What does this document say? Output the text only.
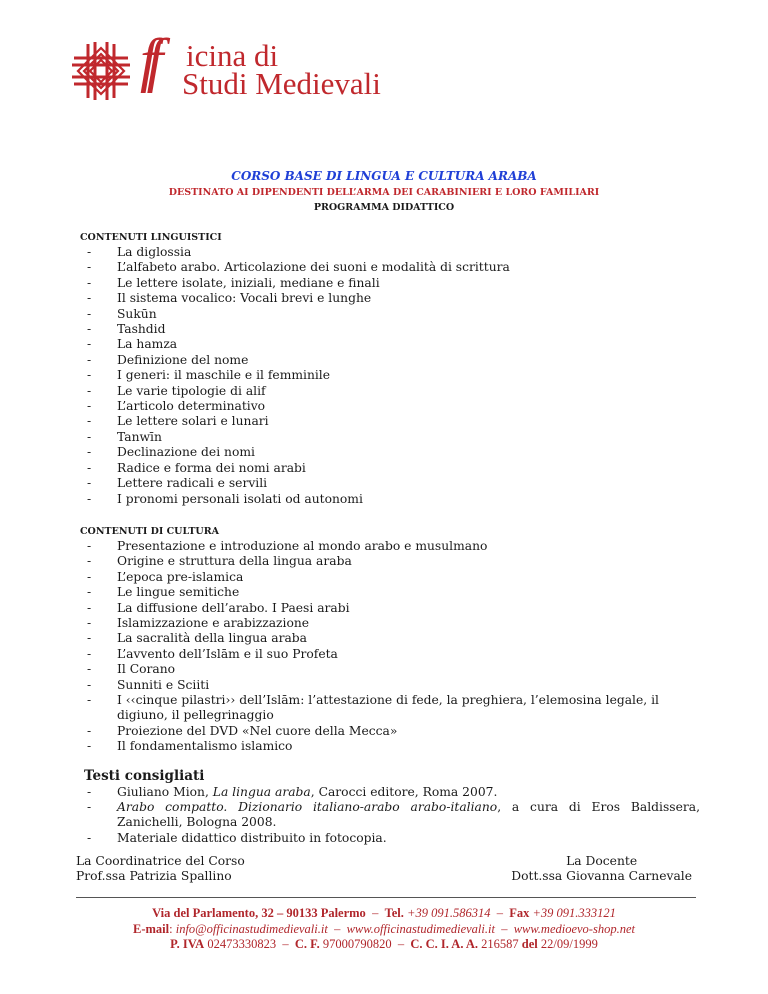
ff icina di
Studi Medievali
CORSO BASE DI LINGUA E CULTURA ARABA
DESTINATO AI DIPENDENTI DELL’ARMA DEI CARABINIERI E LORO FAMILIARI
PROGRAMMA DIDATTICO
CONTENUTI LINGUISTICI
- La diglossia
- L’alfabeto arabo. Articolazione dei suoni e modalità di scrittura
- Le lettere isolate, iniziali, mediane e finali
- Il sistema vocalico: Vocali brevi e lunghe
- Sukūn
- Tashdid
- La hamza
- Definizione del nome
- I generi: il maschile e il femminile
- Le varie tipologie di alif
- L’articolo determinativo
- Le lettere solari e lunari
- Tanwīn
- Declinazione dei nomi
- Radice e forma dei nomi arabi
- Lettere radicali e servili
- I pronomi personali isolati od autonomi
CONTENUTI DI CULTURA
- Presentazione e introduzione al mondo arabo e musulmano
- Origine e struttura della lingua araba
- L’epoca pre-islamica
- Le lingue semitiche
- La diffusione dell’arabo. I Paesi arabi
- Islamizzazione e arabizzazione
- La sacralità della lingua araba
- L’avvento dell’Islām e il suo Profeta
- Il Corano
- Sunniti e Sciiti
- I ‹‹cinque pilastri›› dell’Islām: l’attestazione di fede, la preghiera, l’elemosina legale, il digiuno, il pellegrinaggio
- Proiezione del DVD «Nel cuore della Mecca»
- Il fondamentalismo islamico
Testi consigliati
- Giuliano Mion, La lingua araba, Carocci editore, Roma 2007.
- Arabo compatto. Dizionario italiano-arabo arabo-italiano, a cura di Eros Baldissera, Zanichelli, Bologna 2008.
- Materiale didattico distribuito in fotocopia.
La Coordinatrice del Corso
Prof.ssa Patrizia Spallino
La Docente
Dott.ssa Giovanna Carnevale
Via del Parlamento, 32 – 90133 Palermo  –  Tel. +39 091.586314  –  Fax +39 091.333121
E-mail: info@officinastudimedievali.it  –  www.officinastudimedievali.it  –  www.medioevo-shop.net
P. IVA 02473330823  –  C. F. 97000790820  –  C. C. I. A. A. 216587 del 22/09/1999
